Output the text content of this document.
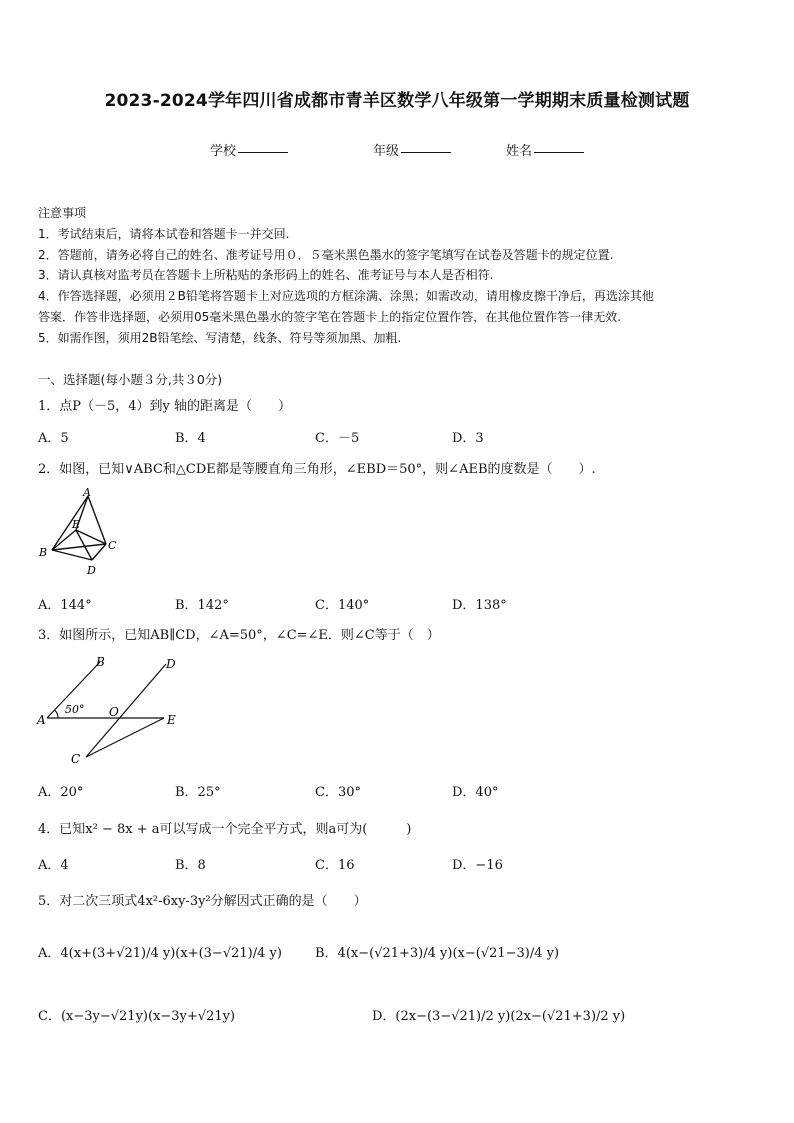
2023-2024学年四川省成都市青羊区数学八年级第一学期期末质量检测试题
学校	年级	姓名
注意事项
1．考试结束后，请将本试卷和答题卡一并交回.
2．答题前，请务必将自己的姓名、准考证号用０．５毫米黑色墨水的签字笔填写在试卷及答题卡的规定位置.
3．请认真核对监考员在答题卡上所粘贴的条形码上的姓名、准考证号与本人是否相符.
4．作答选择题，必须用２B铅笔将答题卡上对应选项的方框涂满、涂黑；如需改动，请用橡皮擦干净后，再选涂其他
答案．作答非选择题，必须用05毫米黑色墨水的签字笔在答题卡上的指定位置作答，在其他位置作答一律无效.
5．如需作图，须用2B铅笔绘、写清楚，线条、符号等须加黑、加粗.
一、选择题(每小题３分,共３0分)
1．点P（－5，4）到y 轴的距离是（　　）
A．5	B．4	C．－5	D．3
2．如图，已知∨ABC和△CDE都是等腰直角三角形，∠EBD＝50°，则∠AEB的度数是（　　）.
A
E
B
C
D
A．144°	B．142°	C．140°	D．138°
3．如图所示，已知AB∥CD，∠A=50°，∠C=∠E．则∠C等于（　）
B	D
50°
A
O
E
C
A．20°	B．25°	C．30°	D．40°
4．已知x² − 8x + a可以写成一个完全平方式，则a可为(　　　)
A．4	B．8	C．16	D．−16
5．对二次三项式4x²-6xy-3y²分解因式正确的是（　　）
A．4(x+(3+√21)/4 y)(x+(3−√21)/4 y)	B．4(x−(√21+3)/4 y)(x−(√21−3)/4 y)
C．(x−3y−√21y)(x−3y+√21y)	D．(2x−(3−√21)/2 y)(2x−(√21+3)/2 y)
